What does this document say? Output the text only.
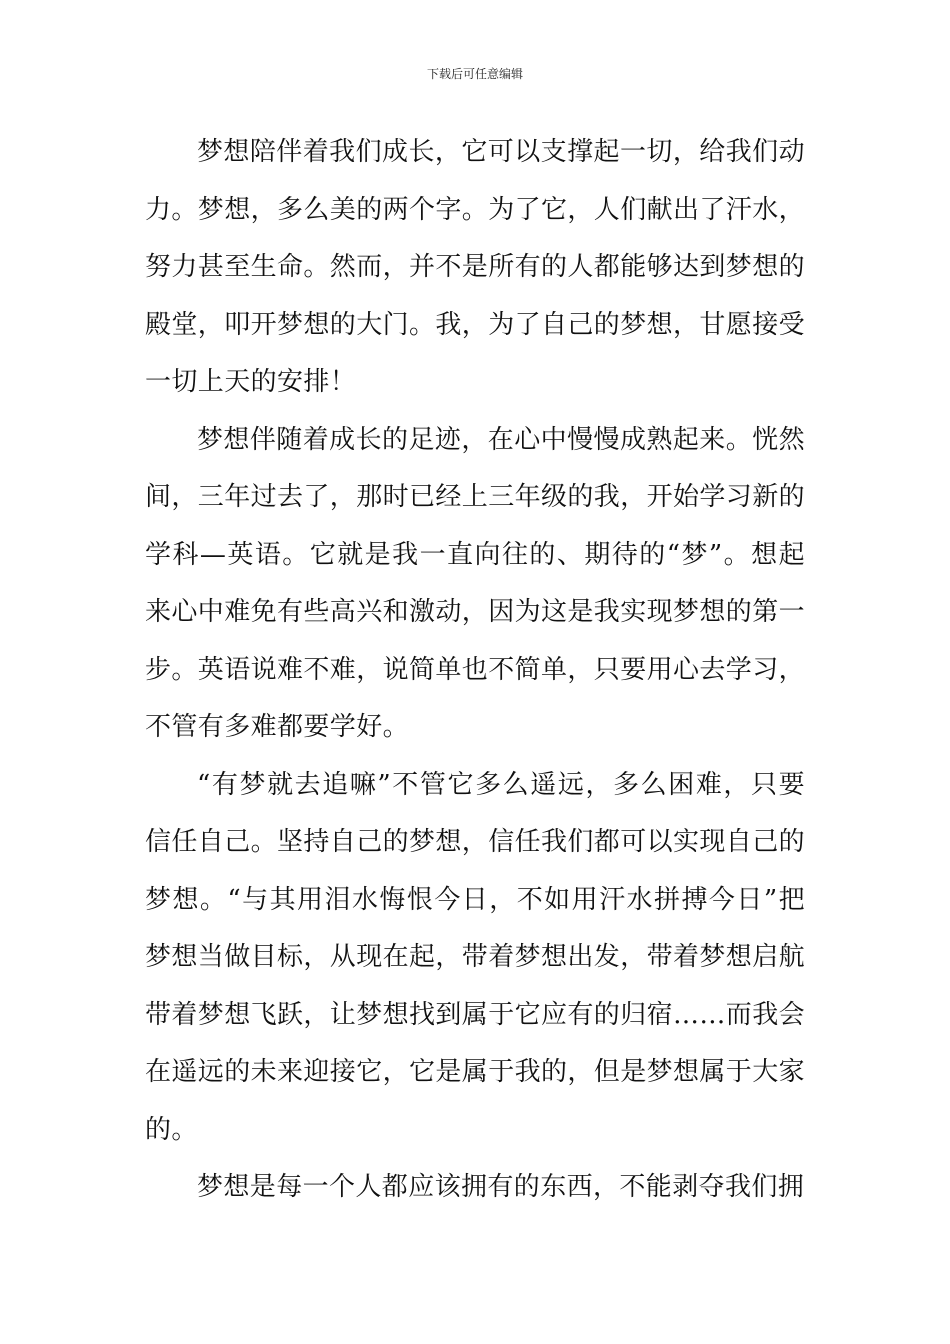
下载后可任意编辑

梦想陪伴着我们成长，它可以支撑起一切，给我们动力。梦想，多么美的两个字。为了它，人们献出了汗水，努力甚至生命。然而，并不是所有的人都能够达到梦想的殿堂，叩开梦想的大门。我，为了自己的梦想，甘愿接受一切上天的安排！

梦想伴随着成长的足迹，在心中慢慢成熟起来。恍然间，三年过去了，那时已经上三年级的我，开始学习新的学科—英语。它就是我一直向往的、期待的“梦”。想起来心中难免有些高兴和激动，因为这是我实现梦想的第一步。英语说难不难，说简单也不简单，只要用心去学习，不管有多难都要学好。

“有梦就去追嘛”不管它多么遥远，多么困难，只要信任自己。坚持自己的梦想，信任我们都可以实现自己的梦想。“与其用泪水悔恨今日，不如用汗水拼搏今日”把梦想当做目标，从现在起，带着梦想出发，带着梦想启航带着梦想飞跃，让梦想找到属于它应有的归宿……而我会在遥远的未来迎接它，它是属于我的，但是梦想属于大家的。

梦想是每一个人都应该拥有的东西，不能剥夺我们拥
